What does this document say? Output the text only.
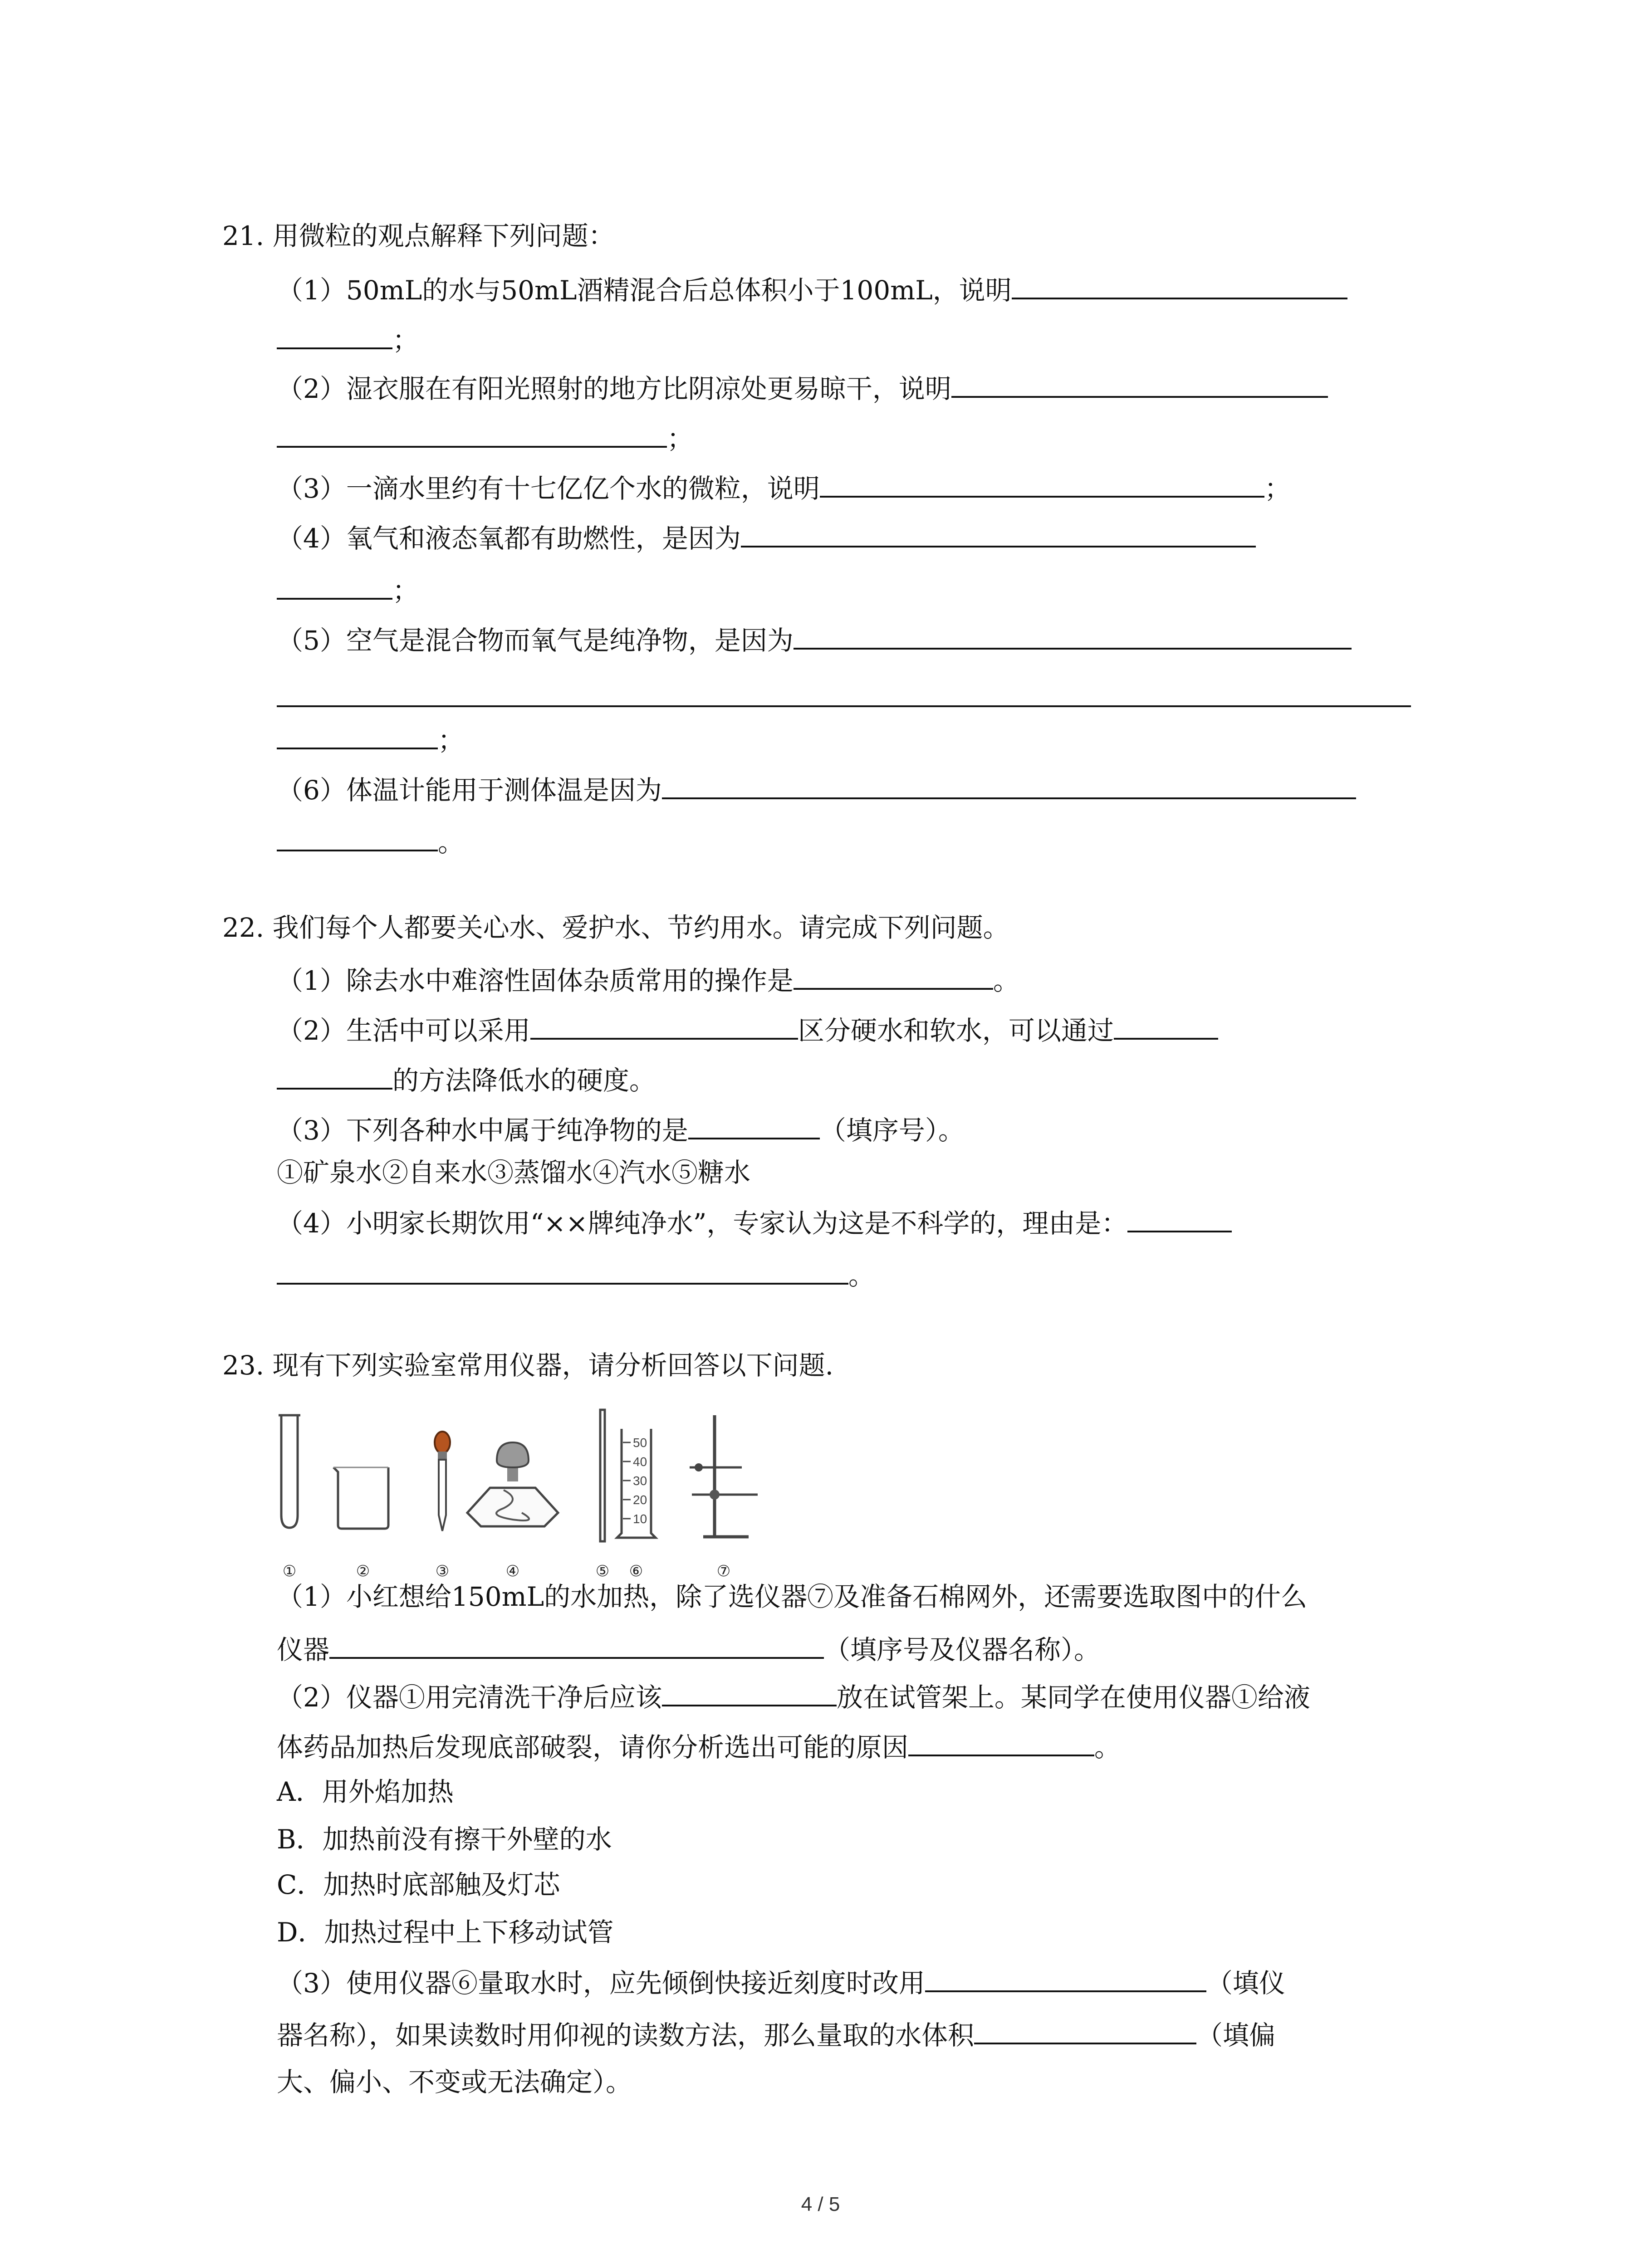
21. 用微粒的观点解释下列问题：
（1）50mL的水与50mL酒精混合后总体积小于100mL，说明
；
（2）湿衣服在有阳光照射的地方比阴凉处更易晾干，说明
；
（3）一滴水里约有十七亿亿个水的微粒，说明	；
（4）氧气和液态氧都有助燃性，是因为
；
（5）空气是混合物而氧气是纯净物，是因为
；
（6）体温计能用于测体温是因为
。
22. 我们每个人都要关心水、爱护水、节约用水。请完成下列问题。
（1）除去水中难溶性固体杂质常用的操作是	。
（2）生活中可以采用	区分硬水和软水，可以通过
的方法降低水的硬度。
（3）下列各种水中属于纯净物的是	（填序号）。
①矿泉水②自来水③蒸馏水④汽水⑤糖水
（4）小明家长期饮用“××牌纯净水”，专家认为这是不科学的，理由是：
。
23. 现有下列实验室常用仪器，请分析回答以下问题.
50
40
30
20
10
①	②	③	④	⑤ ⑥	⑦
（1）小红想给150mL的水加热，除了选仪器⑦及准备石棉网外，还需要选取图中的什么
仪器	（填序号及仪器名称）。
（2）仪器①用完清洗干净后应该	放在试管架上。某同学在使用仪器①给液
体药品加热后发现底部破裂，请你分析选出可能的原因	。
A．用外焰加热
B．加热前没有擦干外壁的水
C．加热时底部触及灯芯
D．加热过程中上下移动试管
（3）使用仪器⑥量取水时，应先倾倒快接近刻度时改用	（填仪
器名称），如果读数时用仰视的读数方法，那么量取的水体积	（填偏
大、偏小、不变或无法确定）。
4 / 5
